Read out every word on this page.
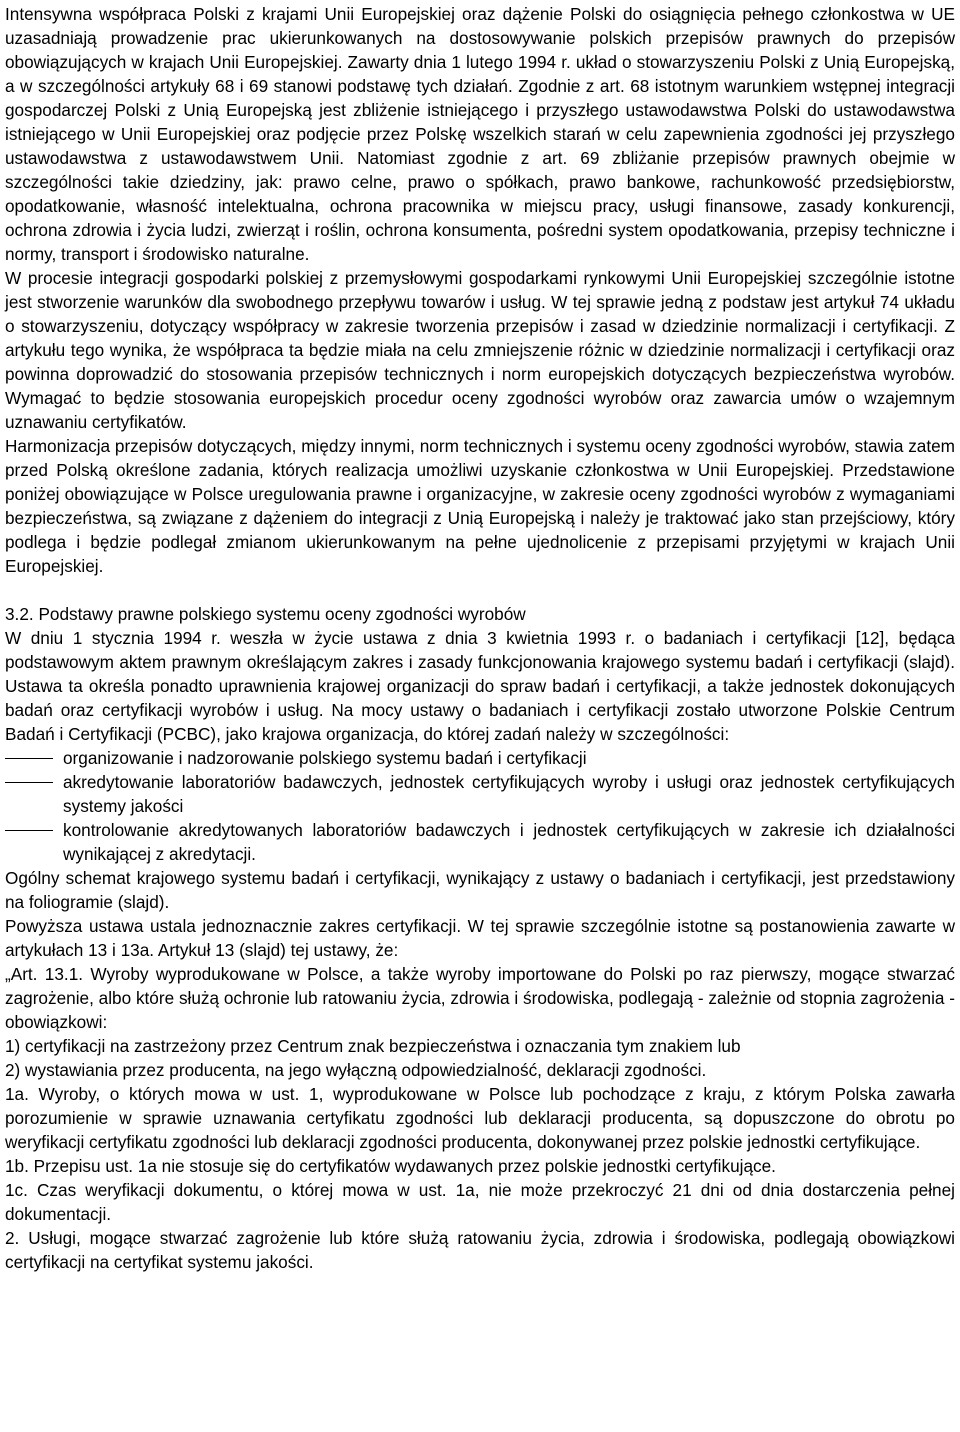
Intensywna współpraca Polski z krajami Unii Europejskiej oraz dążenie Polski do osiągnięcia pełnego członkostwa w UE uzasadniają prowadzenie prac ukierunkowanych na dostosowywanie polskich przepisów prawnych do przepisów obowiązujących w krajach Unii Europejskiej. Zawarty dnia 1 lutego 1994 r. układ o stowarzyszeniu Polski z Unią Europejską, a w szczególności artykuły 68 i 69 stanowi podstawę tych działań. Zgodnie z art. 68 istotnym warunkiem wstępnej integracji gospodarczej Polski z Unią Europejską jest zbliżenie istniejącego i przyszłego ustawodawstwa Polski do ustawodawstwa istniejącego w Unii Europejskiej oraz podjęcie przez Polskę wszelkich starań w celu zapewnienia zgodności jej przyszłego ustawodawstwa z ustawodawstwem Unii. Natomiast zgodnie z art. 69 zbliżanie przepisów prawnych obejmie w szczególności takie dziedziny, jak: prawo celne, prawo o spółkach, prawo bankowe, rachunkowość przedsiębiorstw, opodatkowanie, własność intelektualna, ochrona pracownika w miejscu pracy, usługi finansowe, zasady konkurencji, ochrona zdrowia i życia ludzi, zwierząt i roślin, ochrona konsumenta, pośredni system opodatkowania, przepisy techniczne i normy, transport i środowisko naturalne.

W procesie integracji gospodarki polskiej z przemysłowymi gospodarkami rynkowymi Unii Europejskiej szczególnie istotne jest stworzenie warunków dla swobodnego przepływu towarów i usług. W tej sprawie jedną z podstaw jest artykuł 74 układu o stowarzyszeniu, dotyczący współpracy w zakresie tworzenia przepisów i zasad w dziedzinie normalizacji i certyfikacji. Z artykułu tego wynika, że współpraca ta będzie miała na celu zmniejszenie różnic w dziedzinie normalizacji i certyfikacji oraz powinna doprowadzić do stosowania przepisów technicznych i norm europejskich dotyczących bezpieczeństwa wyrobów. Wymagać to będzie stosowania europejskich procedur oceny zgodności wyrobów oraz zawarcia umów o wzajemnym uznawaniu certyfikatów.

Harmonizacja przepisów dotyczących, między innymi, norm technicznych i systemu oceny zgodności wyrobów, stawia zatem przed Polską określone zadania, których realizacja umożliwi uzyskanie członkostwa w Unii Europejskiej. Przedstawione poniżej obowiązujące w Polsce uregulowania prawne i organizacyjne, w zakresie oceny zgodności wyrobów z wymaganiami bezpieczeństwa, są związane z dążeniem do integracji z Unią Europejską i należy je traktować jako stan przejściowy, który podlega i będzie podlegał zmianom ukierunkowanym na pełne ujednolicenie z przepisami przyjętymi w krajach Unii Europejskiej.

3.2. Podstawy prawne polskiego systemu oceny zgodności wyrobów

W dniu 1 stycznia 1994 r. weszła w życie ustawa z dnia 3 kwietnia 1993 r. o badaniach i certyfikacji [12], będąca podstawowym aktem prawnym określającym zakres i zasady funkcjonowania krajowego systemu badań i certyfikacji (slajd). Ustawa ta określa ponadto uprawnienia krajowej organizacji do spraw badań i certyfikacji, a także jednostek dokonujących badań oraz certyfikacji wyrobów i usług. Na mocy ustawy o badaniach i certyfikacji zostało utworzone Polskie Centrum Badań i Certyfikacji (PCBC), jako krajowa organizacja, do której zadań należy w szczególności:

organizowanie i nadzorowanie polskiego systemu badań i certyfikacji
akredytowanie laboratoriów badawczych, jednostek certyfikujących wyroby i usługi oraz jednostek certyfikujących systemy jakości
kontrolowanie akredytowanych laboratoriów badawczych i jednostek certyfikujących w zakresie ich działalności wynikającej z akredytacji.

Ogólny schemat krajowego systemu badań i certyfikacji, wynikający z ustawy o badaniach i certyfikacji, jest przedstawiony na foliogramie (slajd).

Powyższa ustawa ustala jednoznacznie zakres certyfikacji. W tej sprawie szczególnie istotne są postanowienia zawarte w artykułach 13 i 13a. Artykuł 13 (slajd) tej ustawy, że:

„Art. 13.1. Wyroby wyprodukowane w Polsce, a także wyroby importowane do Polski po raz pierwszy, mogące stwarzać zagrożenie, albo które służą ochronie lub ratowaniu życia, zdrowia i środowiska, podlegają - zależnie od stopnia zagrożenia - obowiązkowi:

1) certyfikacji na zastrzeżony przez Centrum znak bezpieczeństwa i oznaczania tym znakiem lub

2) wystawiania przez producenta, na jego wyłączną odpowiedzialność, deklaracji zgodności.

1a. Wyroby, o których mowa w ust. 1, wyprodukowane w Polsce lub pochodzące z kraju, z którym Polska zawarła porozumienie w sprawie uznawania certyfikatu zgodności lub deklaracji producenta, są dopuszczone do obrotu po weryfikacji certyfikatu zgodności lub deklaracji zgodności producenta, dokonywanej przez polskie jednostki certyfikujące.

1b. Przepisu ust. 1a nie stosuje się do certyfikatów wydawanych przez polskie jednostki certyfikujące.

1c. Czas weryfikacji dokumentu, o której mowa w ust. 1a, nie może przekroczyć 21 dni od dnia dostarczenia pełnej dokumentacji.

2. Usługi, mogące stwarzać zagrożenie lub które służą ratowaniu życia, zdrowia i środowiska, podlegają obowiązkowi certyfikacji na certyfikat systemu jakości.
